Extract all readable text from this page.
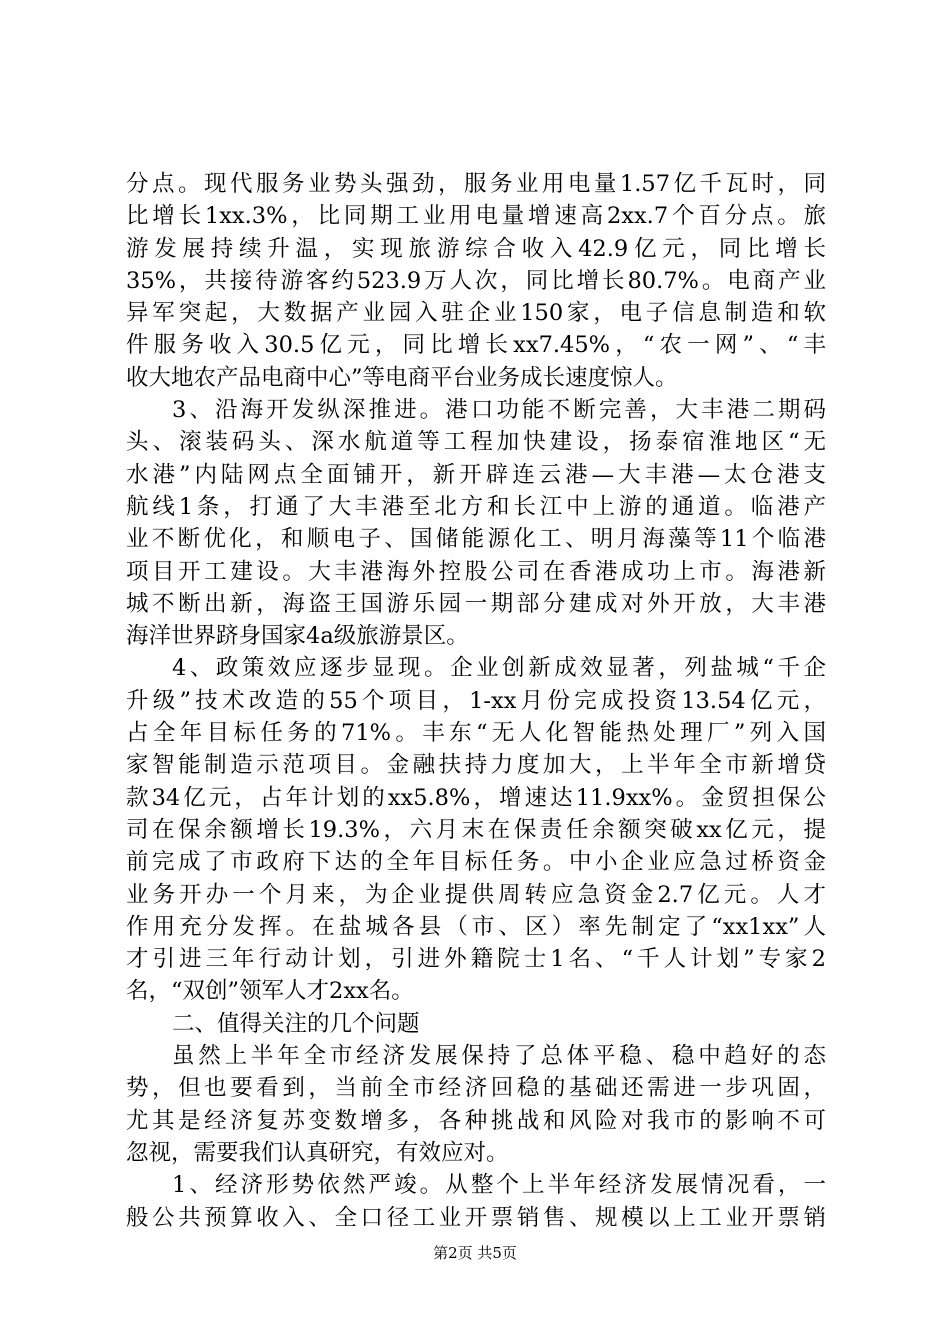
分点。现代服务业势头强劲，服务业用电量1.57亿千瓦时，同
比增长1xx.3%，比同期工业用电量增速高2xx.7个百分点。旅
游发展持续升温，实现旅游综合收入42.9亿元，同比增长
35%，共接待游客约523.9万人次，同比增长80.7%。电商产业
异军突起，大数据产业园入驻企业150家，电子信息制造和软
件服务收入30.5亿元，同比增长xx7.45%，“农一网”、“丰
收大地农产品电商中心”等电商平台业务成长速度惊人。
3、沿海开发纵深推进。港口功能不断完善，大丰港二期码
头、滚装码头、深水航道等工程加快建设，扬泰宿淮地区“无
水港”内陆网点全面铺开，新开辟连云港—大丰港—太仓港支
航线1条，打通了大丰港至北方和长江中上游的通道。临港产
业不断优化，和顺电子、国储能源化工、明月海藻等11个临港
项目开工建设。大丰港海外控股公司在香港成功上市。海港新
城不断出新，海盗王国游乐园一期部分建成对外开放，大丰港
海洋世界跻身国家4a级旅游景区。
4、政策效应逐步显现。企业创新成效显著，列盐城“千企
升级”技术改造的55个项目，1-xx月份完成投资13.54亿元，
占全年目标任务的71%。丰东“无人化智能热处理厂”列入国
家智能制造示范项目。金融扶持力度加大，上半年全市新增贷
款34亿元，占年计划的xx5.8%，增速达11.9xx%。金贸担保公
司在保余额增长19.3%，六月末在保责任余额突破xx亿元，提
前完成了市政府下达的全年目标任务。中小企业应急过桥资金
业务开办一个月来，为企业提供周转应急资金2.7亿元。人才
作用充分发挥。在盐城各县（市、区）率先制定了“xx1xx”人
才引进三年行动计划，引进外籍院士1名、“千人计划”专家2
名，“双创”领军人才2xx名。
二、值得关注的几个问题
虽然上半年全市经济发展保持了总体平稳、稳中趋好的态
势，但也要看到，当前全市经济回稳的基础还需进一步巩固，
尤其是经济复苏变数增多，各种挑战和风险对我市的影响不可
忽视，需要我们认真研究，有效应对。
1、经济形势依然严竣。从整个上半年经济发展情况看，一
般公共预算收入、全口径工业开票销售、规模以上工业开票销
第2页 共5页
